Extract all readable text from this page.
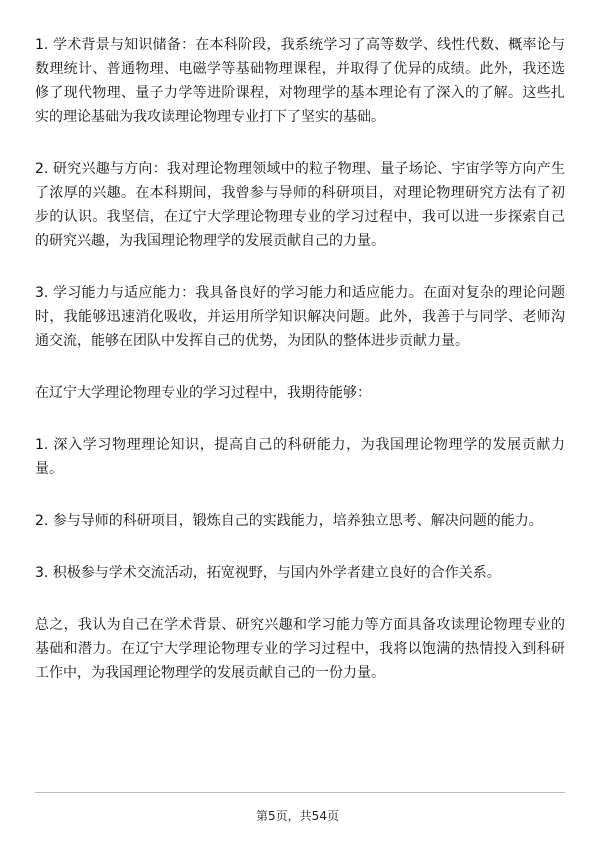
1. 学术背景与知识储备：在本科阶段，我系统学习了高等数学、线性代数、概率论与数理统计、普通物理、电磁学等基础物理课程，并取得了优异的成绩。此外，我还选修了现代物理、量子力学等进阶课程，对物理学的基本理论有了深入的了解。这些扎实的理论基础为我攻读理论物理专业打下了坚实的基础。

2. 研究兴趣与方向：我对理论物理领域中的粒子物理、量子场论、宇宙学等方向产生了浓厚的兴趣。在本科期间，我曾参与导师的科研项目，对理论物理研究方法有了初步的认识。我坚信，在辽宁大学理论物理专业的学习过程中，我可以进一步探索自己的研究兴趣，为我国理论物理学的发展贡献自己的力量。

3. 学习能力与适应能力：我具备良好的学习能力和适应能力。在面对复杂的理论问题时，我能够迅速消化吸收，并运用所学知识解决问题。此外，我善于与同学、老师沟通交流，能够在团队中发挥自己的优势，为团队的整体进步贡献力量。

在辽宁大学理论物理专业的学习过程中，我期待能够：

1. 深入学习物理理论知识，提高自己的科研能力，为我国理论物理学的发展贡献力量。

2. 参与导师的科研项目，锻炼自己的实践能力，培养独立思考、解决问题的能力。

3. 积极参与学术交流活动，拓宽视野，与国内外学者建立良好的合作关系。

总之，我认为自己在学术背景、研究兴趣和学习能力等方面具备攻读理论物理专业的基础和潜力。在辽宁大学理论物理专业的学习过程中，我将以饱满的热情投入到科研工作中，为我国理论物理学的发展贡献自己的一份力量。

第5页，共54页
